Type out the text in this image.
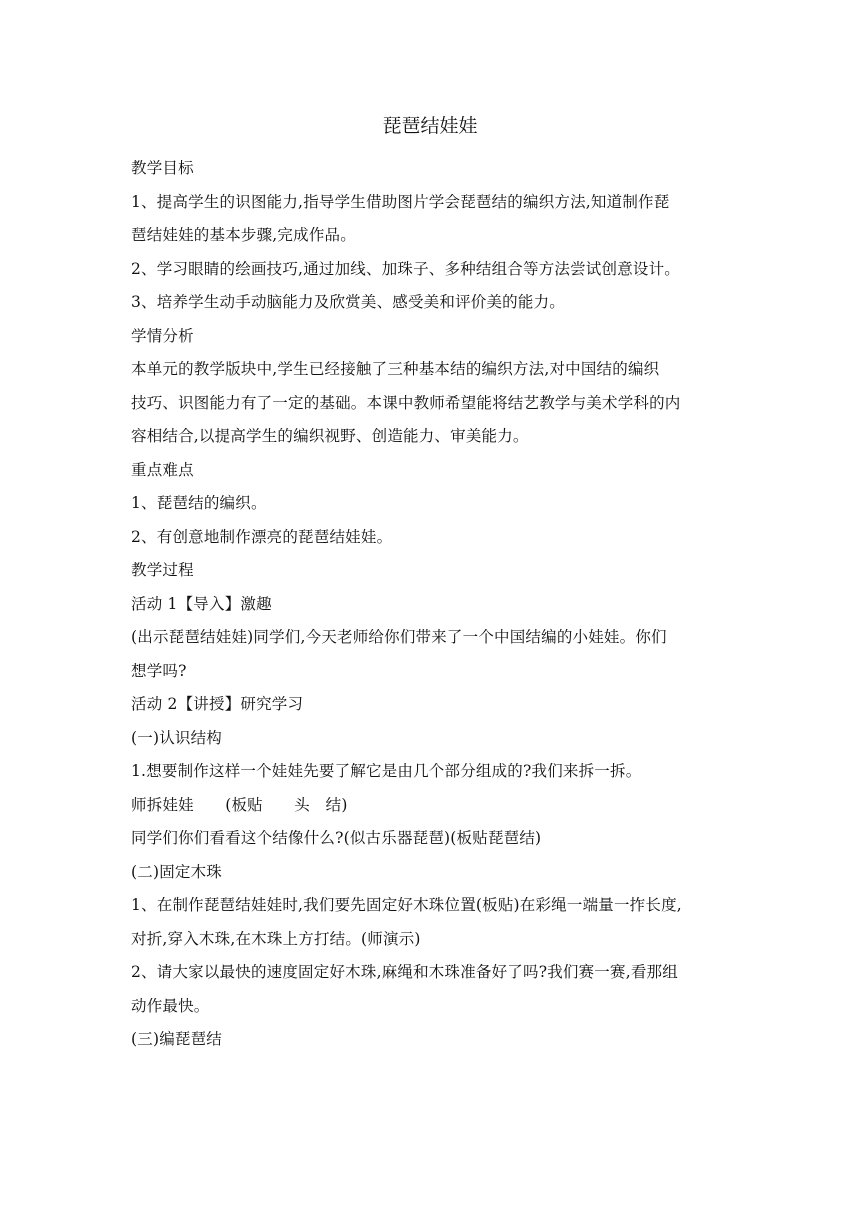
琵琶结娃娃
教学目标
1、提高学生的识图能力,指导学生借助图片学会琵琶结的编织方法,知道制作琵
琶结娃娃的基本步骤,完成作品。
2、学习眼睛的绘画技巧,通过加线、加珠子、多种结组合等方法尝试创意设计。
3、培养学生动手动脑能力及欣赏美、感受美和评价美的能力。
学情分析
本单元的教学版块中,学生已经接触了三种基本结的编织方法,对中国结的编织
技巧、识图能力有了一定的基础。本课中教师希望能将结艺教学与美术学科的内
容相结合,以提高学生的编织视野、创造能力、审美能力。
重点难点
1、琵琶结的编织。
2、有创意地制作漂亮的琵琶结娃娃。
教学过程
活动 1【导入】激趣
(出示琵琶结娃娃)同学们,今天老师给你们带来了一个中国结编的小娃娃。你们
想学吗?
活动 2【讲授】研究学习
(一)认识结构
1.想要制作这样一个娃娃先要了解它是由几个部分组成的?我们来拆一拆。
师拆娃娃　　(板贴　　头　结)
同学们你们看看这个结像什么?(似古乐器琵琶)(板贴琵琶结)
(二)固定木珠
1、在制作琵琶结娃娃时,我们要先固定好木珠位置(板贴)在彩绳一端量一拃长度,
对折,穿入木珠,在木珠上方打结。(师演示)
2、请大家以最快的速度固定好木珠,麻绳和木珠准备好了吗?我们赛一赛,看那组
动作最快。
(三)编琵琶结
